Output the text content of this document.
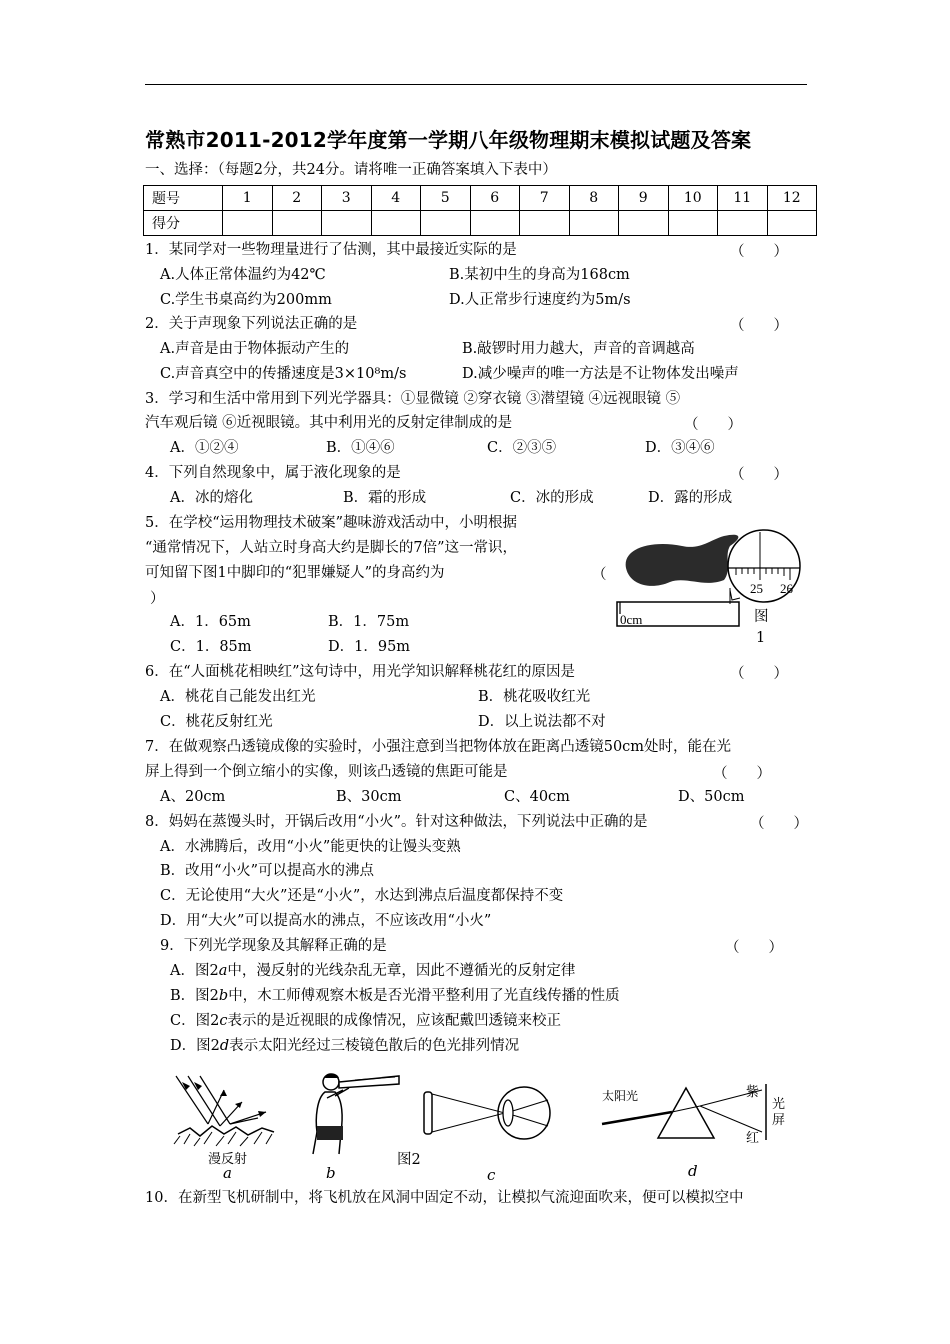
常熟市2011-2012学年度第一学期八年级物理期末模拟试题及答案
一、选择：（每题2分，共24分。请将唯一正确答案填入下表中）
题号	1	2	3	4	5	6	7	8	9	10	11	12
得分												
1．某同学对一些物理量进行了估测，其中最接近实际的是	（　　）
A.人体正常体温约为42℃	B.某初中生的身高为168cm
C.学生书桌高约为200mm	D.人正常步行速度约为5m/s
2．关于声现象下列说法正确的是	（　　）
A.声音是由于物体振动产生的	B.敲锣时用力越大，声音的音调越高
C.声音真空中的传播速度是3×10⁸m/s	D.减少噪声的唯一方法是不让物体发出噪声
3．学习和生活中常用到下列光学器具：①显微镜 ②穿衣镜 ③潜望镜 ④远视眼镜 ⑤
汽车观后镜 ⑥近视眼镜。其中利用光的反射定律制成的是	（　　）
A．①②④	B．①④⑥	C．②③⑤	D．③④⑥
4．下列自然现象中，属于液化现象的是	（　　）
A．冰的熔化	B．霜的形成	C．冰的形成	D．露的形成
5．在学校“运用物理技术破案”趣味游戏活动中，小明根据
“通常情况下，人站立时身高大约是脚长的7倍”这一常识，
可知留下图1中脚印的“犯罪嫌疑人”的身高约为	（
）
A．1．65m	B．1．75m
C．1．85m	D．1．95m
0cm
25 26
图
1
6．在“人面桃花相映红”这句诗中，用光学知识解释桃花红的原因是	（　　）
A．桃花自己能发出红光	B．桃花吸收红光
C．桃花反射红光	D．以上说法都不对
7．在做观察凸透镜成像的实验时，小强注意到当把物体放在距离凸透镜50cm处时，能在光
屏上得到一个倒立缩小的实像，则该凸透镜的焦距可能是	（　　）
A、20cm	B、30cm	C、40cm	D、50cm
8．妈妈在蒸馒头时，开锅后改用“小火”。针对这种做法，下列说法中正确的是	（　　）
A．水沸腾后，改用“小火”能更快的让馒头变熟
B．改用“小火”可以提高水的沸点
C．无论使用“大火”还是“小火”，水达到沸点后温度都保持不变
D．用“大火”可以提高水的沸点，不应该改用“小火”
9．下列光学现象及其解释正确的是	（　　）
A．图2a中，漫反射的光线杂乱无章，因此不遵循光的反射定律
B．图2b中，木工师傅观察木板是否光滑平整利用了光直线传播的性质
C．图2c表示的是近视眼的成像情况，应该配戴凹透镜来校正
D．图2d表示太阳光经过三棱镜色散后的色光排列情况
漫反射
a	b
图2
c
太阳光	紫
红
光
屏
d
10．在新型飞机研制中，将飞机放在风洞中固定不动，让模拟气流迎面吹来，便可以模拟空中
